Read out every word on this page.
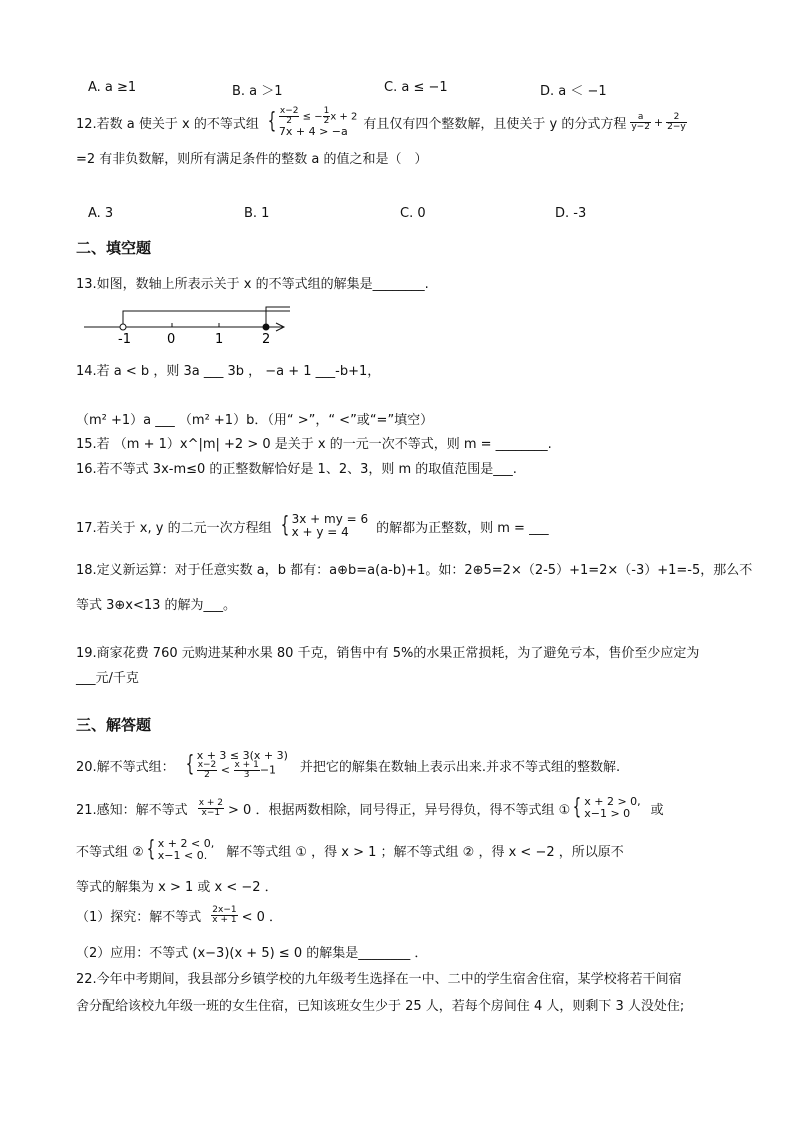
A. a ≥1	B. a ＞1	C. a ≤ −1	D. a ＜ −1
12.若数 a 使关于 x 的不等式组 { $\frac{x-2}{2}$ ≤ − $\frac{1}{2}$ x + 2
7x + 4 > −a	有且仅有四个整数解，且使关于 y 的分式方程 $\frac{a}{y-2} + \frac{2}{2-y}$
=2 有非负数解，则所有满足条件的整数 a 的值之和是（　）
A. 3	B. 1	C. 0	D. -3
二、填空题
13.如图，数轴上所表示关于 x 的不等式组的解集是________.
-1	0	1	2
14.若 a < b ，则 3a ___ 3b ， −a + 1 ___-b+1，
（m² +1）a ___ （m² +1）b．（用“ >”，“ <”或“=”填空）
15.若 （m + 1）x^|m| +2 > 0 是关于 x 的一元一次不等式，则 m = ________.
16.若不等式 3x-m≤0 的正整数解恰好是 1、2、3，则 m 的取值范围是___.
17.若关于 x, y 的二元一次方程组 { 3x + my = 6
x + y = 4	的解都为正整数，则 m = ___
18.定义新运算：对于任意实数 a，b 都有：a⊕b=a(a-b)+1。如：2⊕5=2×（2-5）+1=2×（-3）+1=-5，那么不
等式 3⊕x<13 的解为___。
19.商家花费 760 元购进某种水果 80 千克，销售中有 5%的水果正常损耗，为了避免亏本，售价至少应定为
___元/千克
三、解答题
20.解不等式组： { x + 3 ≤ 3(x + 3)
$\frac{x-2}{2} < \frac{x + 1}{3} -1$	并把它的解集在数轴上表示出来.并求不等式组的整数解.
21.感知：解不等式 $\frac{x + 2}{x-1} > 0$ ．根据两数相除，同号得正，异号得负，得不等式组 ① { x + 2 > 0,
x−1 > 0	或
不等式组 ② { x + 2 < 0,
x−1 < 0.	解不等式组 ① ，得 x > 1 ；解不等式组 ② ，得 x < −2 ，所以原不
等式的解集为 x > 1 或 x < −2 ．
（1）探究：解不等式 $\frac{2x-1}{x + 1} < 0$ ．
（2）应用：不等式 (x−3)(x + 5) ≤ 0 的解集是________ ．
22.今年中考期间，我县部分乡镇学校的九年级考生选择在一中、二中的学生宿舍住宿，某学校将若干间宿
舍分配给该校九年级一班的女生住宿，已知该班女生少于 25 人，若每个房间住 4 人，则剩下 3 人没处住;
